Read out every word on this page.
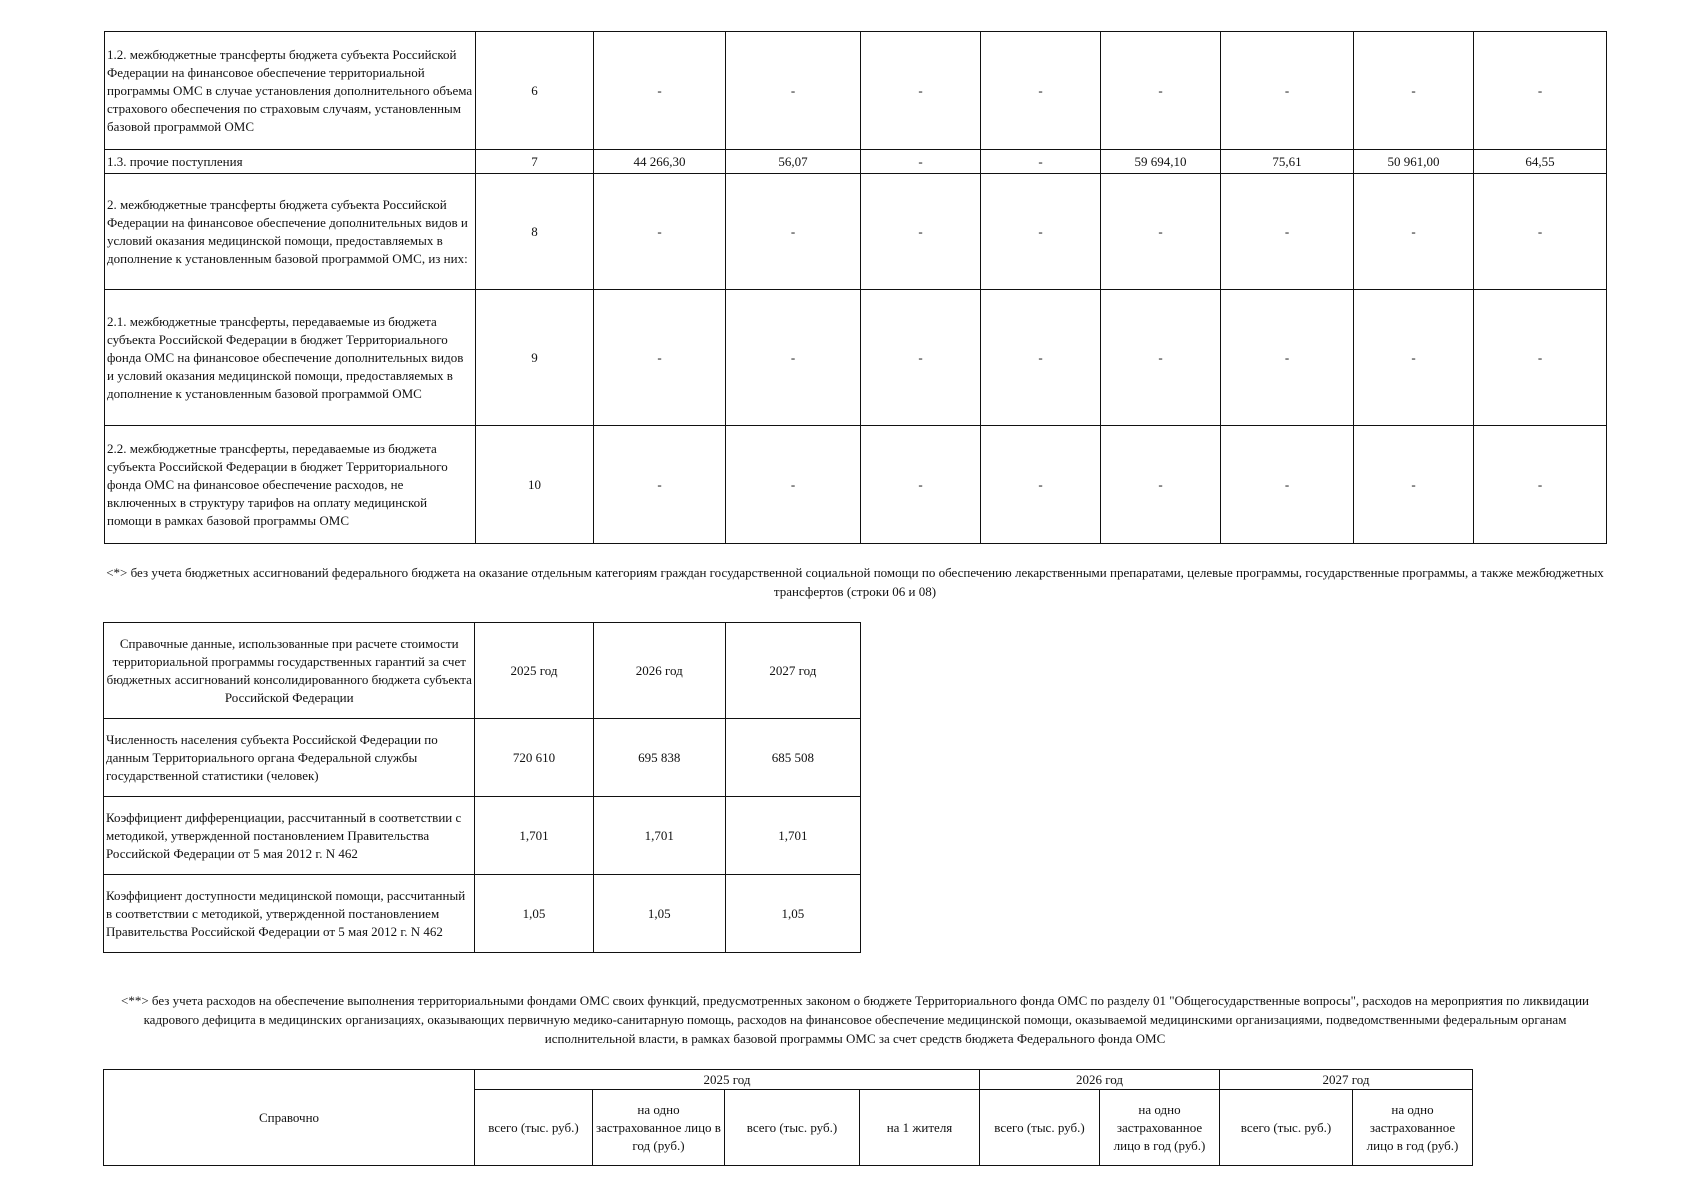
1.2. межбюджетные трансферты бюджета субъекта Российской Федерации на финансовое обеспечение территориальной программы ОМС в случае установления дополнительного объема страхового обеспечения по страховым случаям, установленным базовой программой ОМС	6	-	-	-	-	-	-	-	-
1.3. прочие поступления	7	44 266,30	56,07	-	-	59 694,10	75,61	50 961,00	64,55
2. межбюджетные трансферты бюджета субъекта Российской Федерации на финансовое обеспечение дополнительных видов и условий оказания медицинской помощи, предоставляемых в дополнение к установленным базовой программой ОМС, из них:	8	-	-	-	-	-	-	-	-
2.1. межбюджетные трансферты, передаваемые из бюджета субъекта Российской Федерации в бюджет Территориального фонда ОМС на финансовое обеспечение дополнительных видов и условий оказания медицинской помощи, предоставляемых в дополнение к установленным базовой программой ОМС	9	-	-	-	-	-	-	-	-
2.2. межбюджетные трансферты, передаваемые из бюджета субъекта Российской Федерации в бюджет Территориального фонда ОМС на финансовое обеспечение расходов, не включенных в структуру тарифов на оплату медицинской помощи в рамках базовой программы ОМС	10	-	-	-	-	-	-	-	-
<*> без учета бюджетных ассигнований федерального бюджета на оказание отдельным категориям граждан государственной социальной помощи по обеспечению лекарственными препаратами, целевые программы, государственные программы, а также межбюджетных трансфертов (строки 06 и 08)
Справочные данные, использованные при расчете стоимости территориальной программы государственных гарантий за счет бюджетных ассигнований консолидированного бюджета субъекта Российской Федерации	2025 год	2026 год	2027 год
Численность населения субъекта Российской Федерации по данным Территориального органа Федеральной службы государственной статистики (человек)	720 610	695 838	685 508
Коэффициент дифференциации, рассчитанный в соответствии с методикой, утвержденной постановлением Правительства Российской Федерации от 5 мая 2012 г. N 462	1,701	1,701	1,701
Коэффициент доступности медицинской помощи, рассчитанный в соответствии с методикой, утвержденной постановлением Правительства Российской Федерации от 5 мая 2012 г. N 462	1,05	1,05	1,05
<**> без учета расходов на обеспечение выполнения территориальными фондами ОМС своих функций, предусмотренных законом о бюджете Территориального фонда ОМС по разделу 01 "Общегосударственные вопросы", расходов на мероприятия по ликвидации кадрового дефицита в медицинских организациях, оказывающих первичную медико-санитарную помощь, расходов на финансовое обеспечение медицинской помощи, оказываемой медицинскими организациями, подведомственными федеральным органам исполнительной власти, в рамках базовой программы ОМС за счет средств бюджета Федерального фонда ОМС
Справочно	2025 год				2026 год		2027 год	
	всего (тыс. руб.)	на одно застрахованное лицо в год (руб.)	всего (тыс. руб.)	на 1 жителя	всего (тыс. руб.)	на одно застрахованное лицо в год (руб.)	всего (тыс. руб.)	на одно застрахованное лицо в год (руб.)
